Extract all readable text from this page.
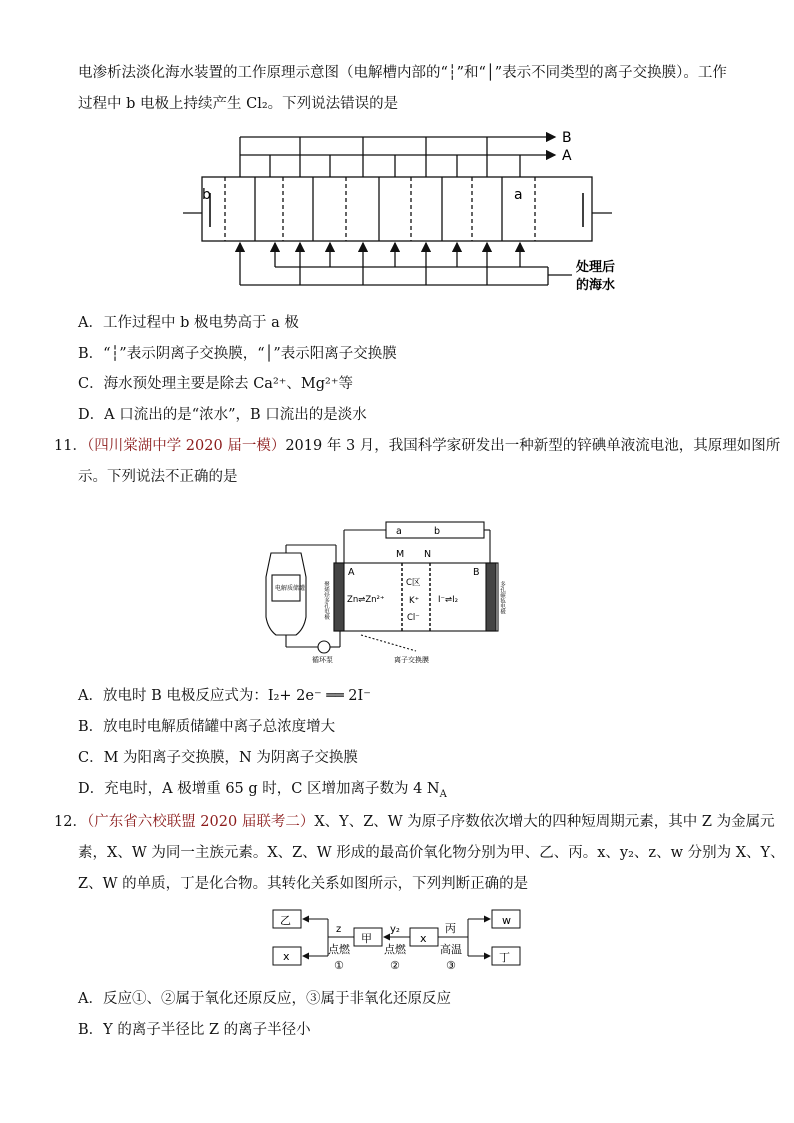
电渗析法淡化海水装置的工作原理示意图（电解槽内部的“┆”和“│”表示不同类型的离子交换膜）。工作
过程中 b 电极上持续产生 Cl₂。下列说法错误的是
B
A
b	a
处理后
的海水
A．工作过程中 b 极电势高于 a 极
B．“┆”表示阴离子交换膜，“│”表示阳离子交换膜
C．海水预处理主要是除去 Ca²⁺、Mg²⁺等
D．A 口流出的是“浓水”，B 口流出的是淡水
11．（四川棠湖中学 2020 届一模）2019 年 3 月，我国科学家研发出一种新型的锌碘单液流电池，其原理如图所
示。下列说法不正确的是
a	b
M N
A	B
Zn⇌Zn²⁺
C区
K⁺
Cl⁻
I⁻⇌I₂
电解质储罐	聚烯烃多孔电极	多孔碳毡电极
循环泵	离子交换膜
A．放电时 B 电极反应式为：I₂+ 2e⁻ ══ 2I⁻
B．放电时电解质储罐中离子总浓度增大
C．M 为阳离子交换膜，N 为阴离子交换膜
D．充电时，A 极增重 65 g 时，C 区增加离子数为 4 $N_A$
12．（广东省六校联盟 2020 届联考二）X、Y、Z、W 为原子序数依次增大的四种短周期元素，其中 Z 为金属元
素，X、W 为同一主族元素。X、Z、W 形成的最高价氧化物分别为甲、乙、丙。x、y₂、z、w 分别为 X、Y、
Z、W 的单质，丁是化合物。其转化关系如图所示，下列判断正确的是
乙
x
甲	x
w
丁
z
点燃
①
y₂
点燃
②
丙
高温
③
A．反应①、②属于氧化还原反应，③属于非氧化还原反应
B．Y 的离子半径比 Z 的离子半径小
